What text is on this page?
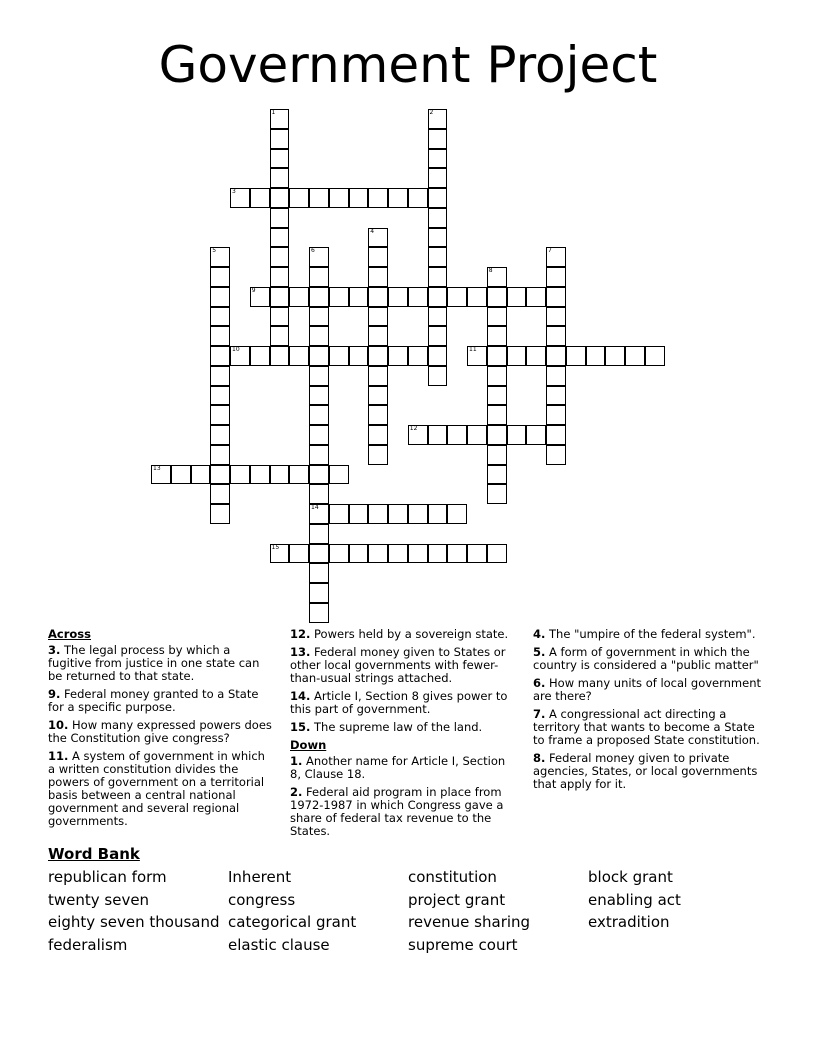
Government Project
1	2
3
4
5	6
14
7
8
9
10	11
12
13
15
Across
3. The legal process by which a fugitive from justice in one state can be returned to that state.
9. Federal money granted to a State for a specific purpose.
10. How many expressed powers does the Constitution give congress?
11. A system of government in which a written constitution divides the powers of government on a territorial basis between a central national government and several regional governments.
12. Powers held by a sovereign state.
13. Federal money given to States or other local governments with fewer-than-usual strings attached.
14. Article I, Section 8 gives power to this part of government.
15. The supreme law of the land.
Down
1. Another name for Article I, Section 8, Clause 18.
2. Federal aid program in place from 1972-1987 in which Congress gave a share of federal tax revenue to the States.
4. The "umpire of the federal system".
5. A form of government in which the country is considered a "public matter"
6. How many units of local government are there?
7. A congressional act directing a territory that wants to become a State to frame a proposed State constitution.
8. Federal money given to private agencies, States, or local governments that apply for it.
Word Bank
republican form
twenty seven
eighty seven thousand
federalism
Inherent
congress
categorical grant
elastic clause
constitution
project grant
revenue sharing
supreme court
block grant
enabling act
extradition
